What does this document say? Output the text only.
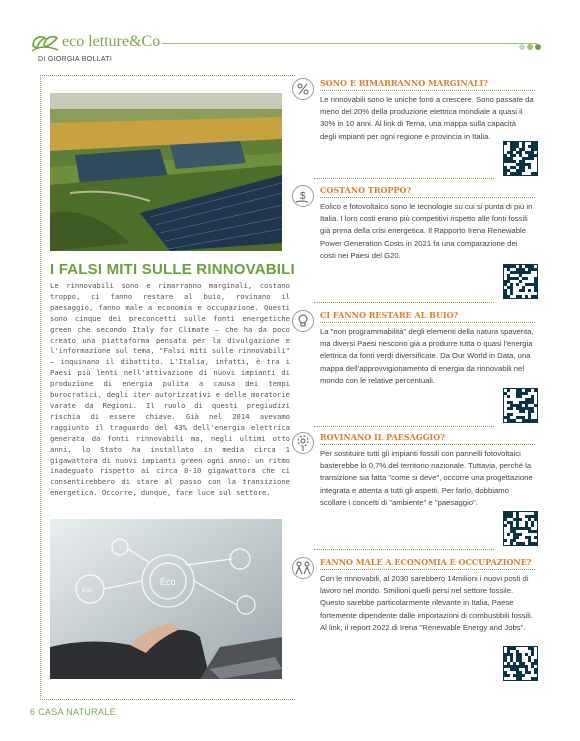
eco letture&Co
DI GIORGIA BOLLATI
I FALSI MITI SULLE RINNOVABILI
Le rinnovabili sono e rimarranno marginali, costano troppo, ci fanno restare al buio, rovinano il paesaggio, fanno male a economia e occupazione. Questi sono cinque dei preconcetti sulle fonti energetiche green che secondo Italy for Climate – che ha da poco creato una piattaforma pensata per la divulgazione e l'informazione sul tema, "Falsi miti sulle rinnovabili" – inquinano il dibattito. L'Italia, infatti, è tra i Paesi più lenti nell'attivazione di nuovi impianti di produzione di energia pulita a causa dei tempi burocratici, degli iter autorizzativi e delle moratorie varate da Regioni. Il ruolo di questi pregiudizi rischia di essere chiave. Già nel 2014 avevamo raggiunto il traguardo del 43% dell'energia elettrica generata da fonti rinnovabili ma, negli ultimi otto anni, lo Stato ha installato in media circa 1 gigawattora di nuovi impianti green ogni anno: un ritmo inadeguato rispetto ai circa 8-10 gigawattora che ci consentirebbero di stare al passo con la transizione energetica. Occorre, dunque, fare luce sul settore.
Eco
Eco
SONO E RIMARRANNO MARGINALI?
Le rinnovabili sono le uniche fonti a crescere. Sono passate da meno del 20% della produzione elettrica mondiale a quasi il 30% in 10 anni. Al link di Terna, una mappa sulla capacità degli impianti per ogni regione e provincia in Italia.
$
COSTANO TROPPO?
Eolico e fotovoltaico sono le tecnologie su cui si punta di più in Italia. I loro costi erano più competitivi rispetto alle fonti fossili già prima della crisi energetica. Il Rapporto Irena Renewable Power Generation Costs in 2021 fa una comparazione dei costi nei Paesi del G20.
CI FANNO RESTARE AL BUIO?
La "non programmabilità" degli elementi della natura spaventa, ma diversi Paesi riescono già a produrre tutta o quasi l'energia elettrica da fonti verdi diversificate. Da Our World in Data, una mappa dell'approvvigionamento di energia da rinnovabili nel mondo con le relative percentuali.
ROVINANO IL PAESAGGIO?
Per sostituire tutti gli impianti fossili con pannelli fotovoltaici basterebbe lo 0,7% del territorio nazionale. Tuttavia, perché la transizione sia fatta "come si deve", occorre una progettazione integrata e attenta a tutti gli aspetti. Per farlo, dobbiamo scollare i concetti di "ambiente" e "paesaggio".
FANNO MALE A ECONOMIA E OCCUPAZIONE?
Con le rinnovabili, al 2030 sarebbero 14milioni i nuovi posti di lavoro nel mondo. Smilioni quelli persi nel settore fossile. Questo sarebbe particolarmente rilevante in Italia, Paese fortemente dipendente dalle importazioni di combustibili fossili. Al link, il report 2022 di Irena "Renewable Energy and Jobs".
6 CASA NATURALE
